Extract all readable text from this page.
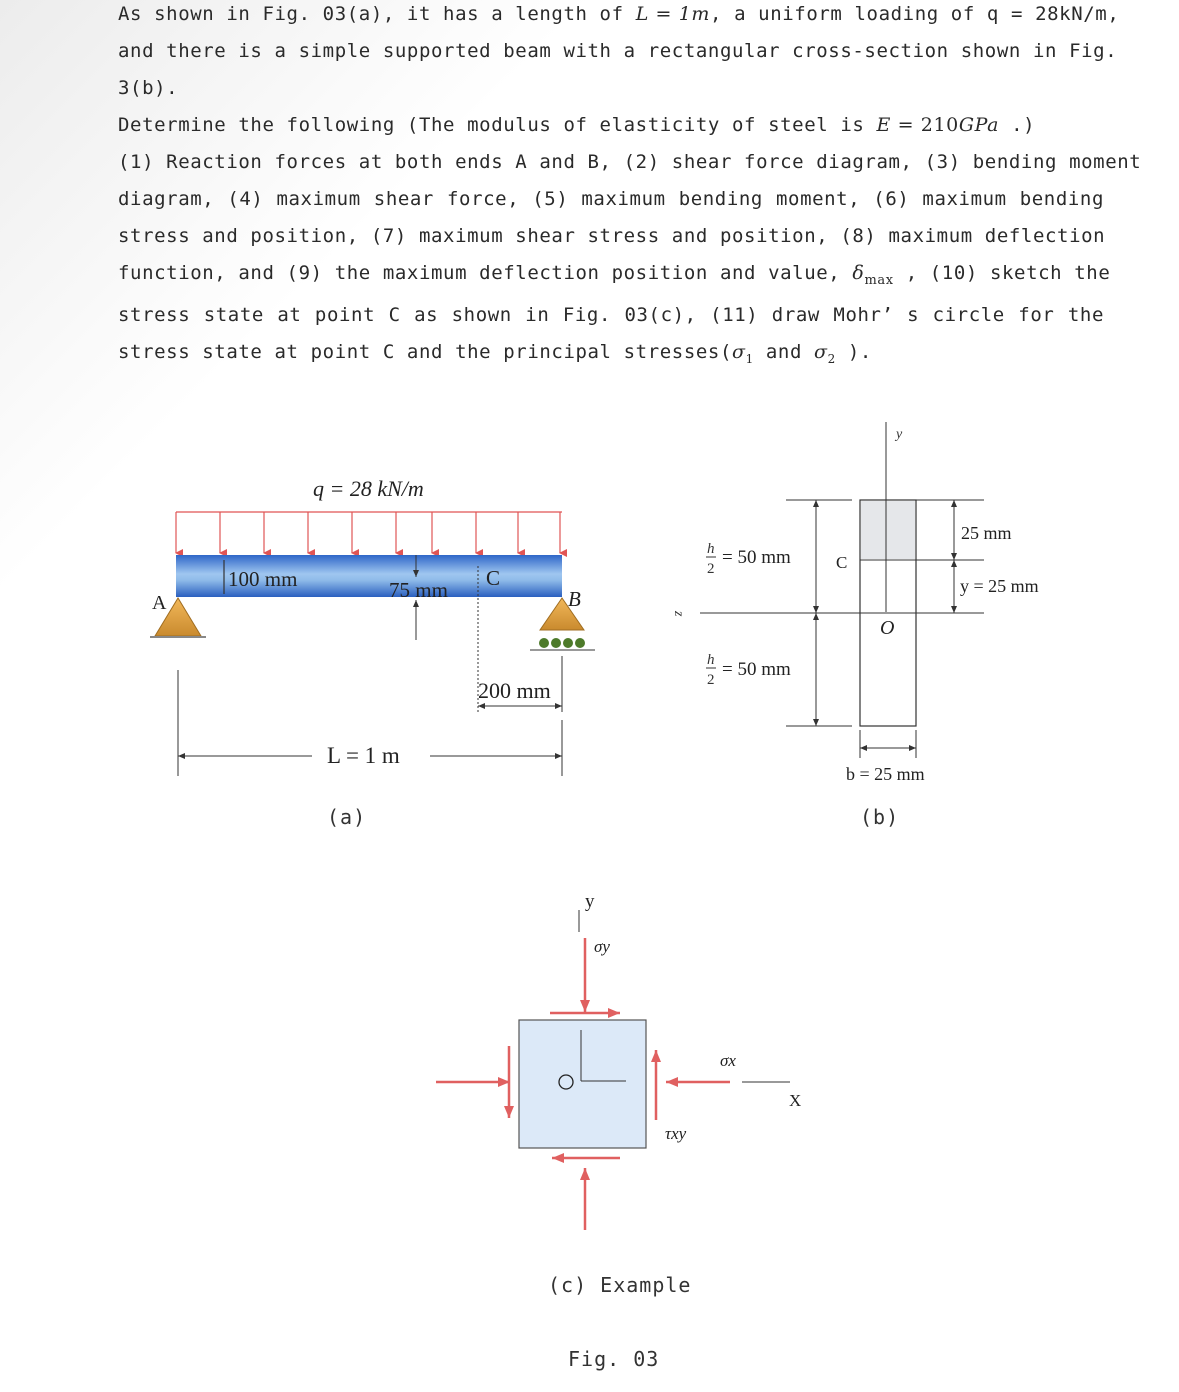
As shown in Fig. 03(a), it has a length of L = 1m, a uniform loading of q = 28kN/m,
and there is a simple supported beam with a rectangular cross-section shown in Fig.
3(b).
Determine the following (The modulus of elasticity of steel is E = 210GPa .)
(1) Reaction forces at both ends A and B, (2) shear force diagram, (3) bending moment
diagram, (4) maximum shear force, (5) maximum bending moment, (6) maximum bending
stress and position, (7) maximum shear stress and position, (8) maximum deflection
function, and (9) the maximum deflection position and value, $\delta_{max}$ , (10) sketch the
stress state at point C as shown in Fig. 03(c), (11) draw Mohr’ s circle for the
stress state at point C and the principal $stresses(\sigma_1$ and $\sigma_2$ ).
q = 28 kN/m
100 mm	75 mm C
A	B
200 mm
L = 1 m
(a)
y
z
O
C
h
2
= 50 mm
h
2 = 50 mm
25 mm
y = 25 mm
b = 25 mm
(b)
y
σy
σx
X
τxy
(c) Example
Fig. 03
